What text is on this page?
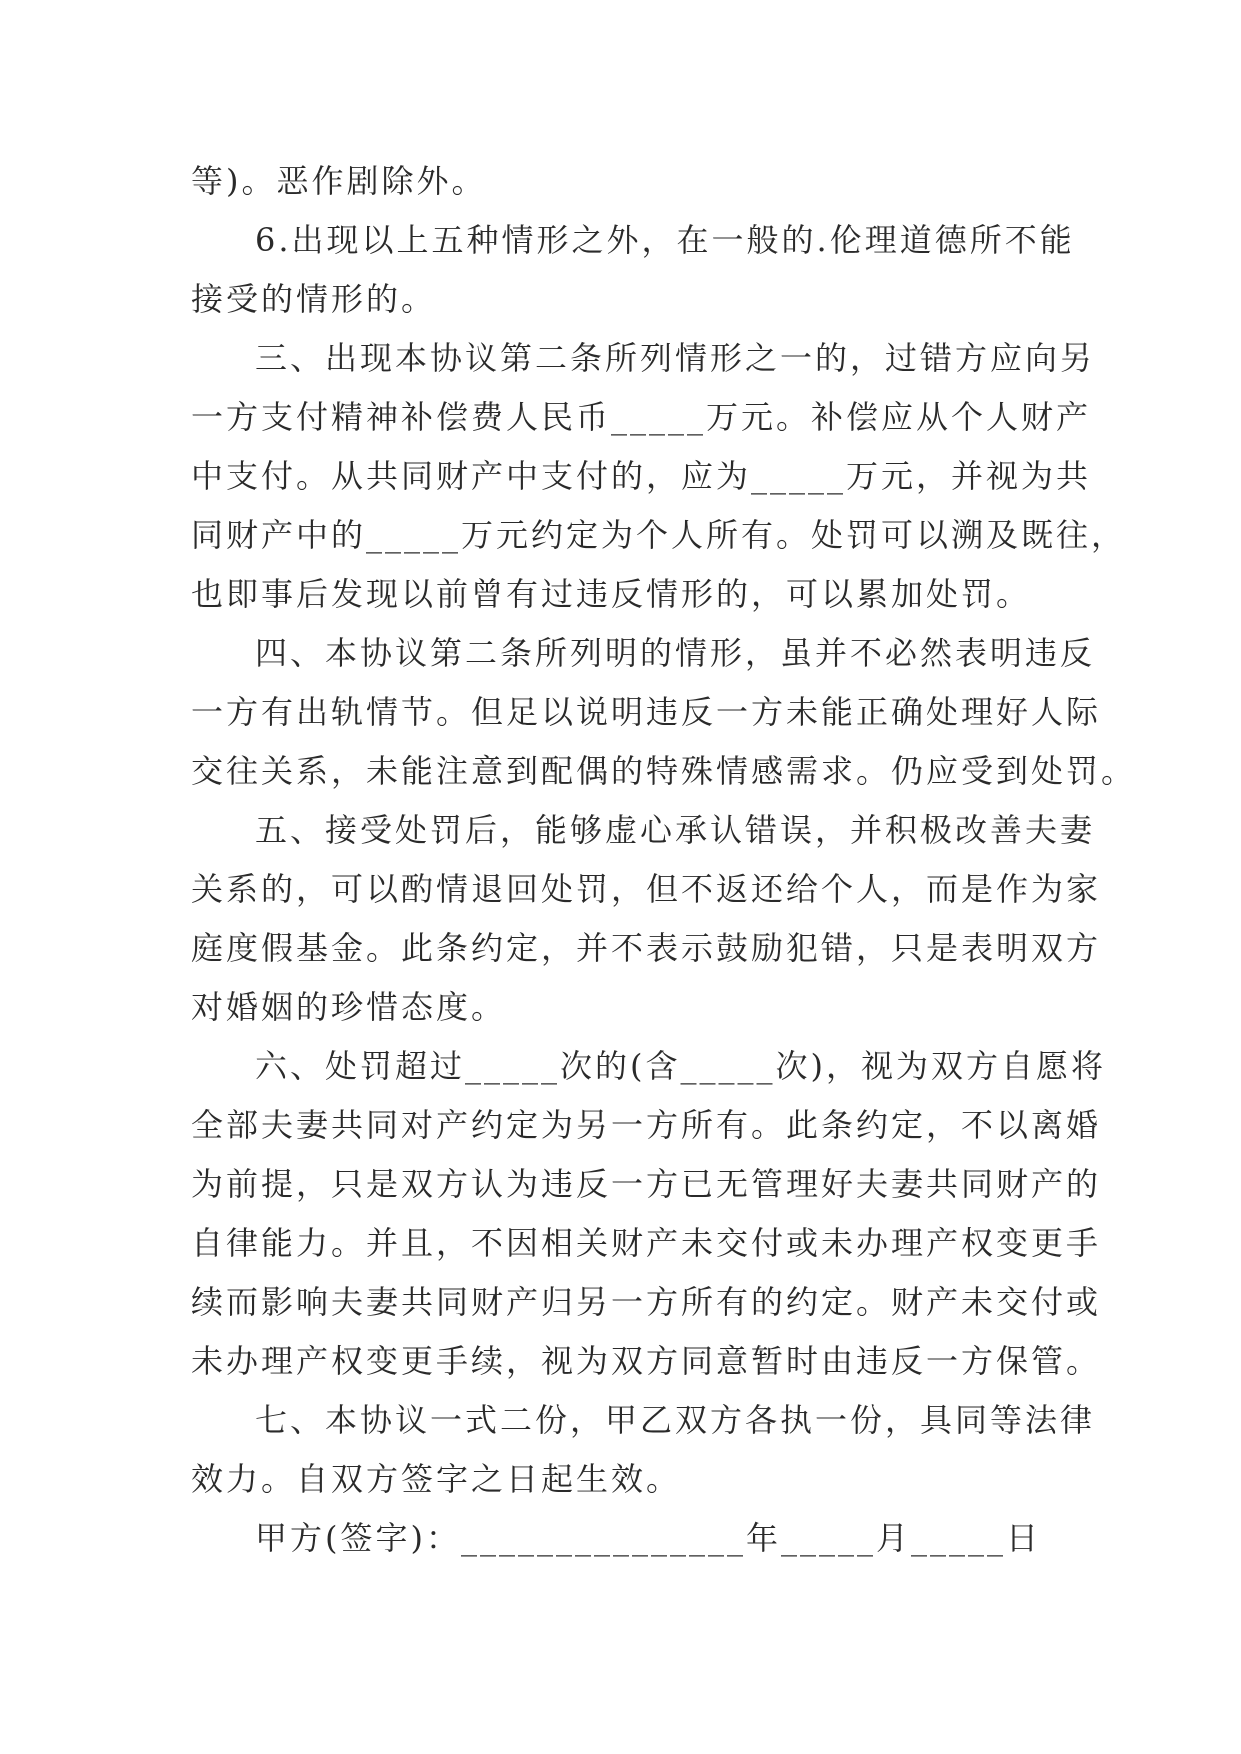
等)。恶作剧除外。
6.出现以上五种情形之外，在一般的.伦理道德所不能
接受的情形的。
三、出现本协议第二条所列情形之一的，过错方应向另
一方支付精神补偿费人民币_____万元。补偿应从个人财产
中支付。从共同财产中支付的，应为_____万元，并视为共
同财产中的_____万元约定为个人所有。处罚可以溯及既往，
也即事后发现以前曾有过违反情形的，可以累加处罚。
四、本协议第二条所列明的情形，虽并不必然表明违反
一方有出轨情节。但足以说明违反一方未能正确处理好人际
交往关系，未能注意到配偶的特殊情感需求。仍应受到处罚。
五、接受处罚后，能够虚心承认错误，并积极改善夫妻
关系的，可以酌情退回处罚，但不返还给个人，而是作为家
庭度假基金。此条约定，并不表示鼓励犯错，只是表明双方
对婚姻的珍惜态度。
六、处罚超过_____次的(含_____次)，视为双方自愿将
全部夫妻共同对产约定为另一方所有。此条约定，不以离婚
为前提，只是双方认为违反一方已无管理好夫妻共同财产的
自律能力。并且，不因相关财产未交付或未办理产权变更手
续而影响夫妻共同财产归另一方所有的约定。财产未交付或
未办理产权变更手续，视为双方同意暂时由违反一方保管。
七、本协议一式二份，甲乙双方各执一份，具同等法律
效力。自双方签字之日起生效。
甲方(签字)：_______________年_____月_____日
